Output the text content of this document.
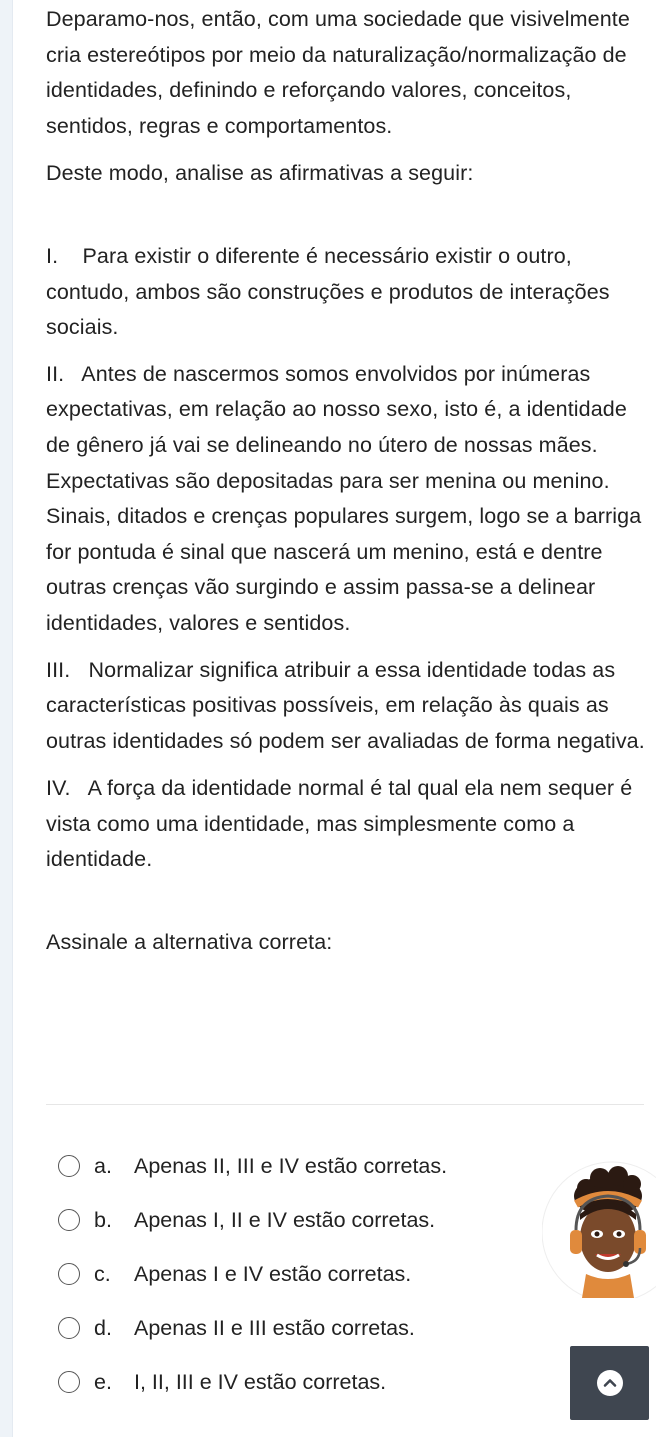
Deparamo-nos, então, com uma sociedade que visivelmente cria estereótipos por meio da naturalização/normalização de identidades, definindo e reforçando valores, conceitos, sentidos, regras e comportamentos.

Deste modo, analise as afirmativas a seguir:

I. Para existir o diferente é necessário existir o outro, contudo, ambos são construções e produtos de interações sociais.

II. Antes de nascermos somos envolvidos por inúmeras expectativas, em relação ao nosso sexo, isto é, a identidade de gênero já vai se delineando no útero de nossas mães. Expectativas são depositadas para ser menina ou menino. Sinais, ditados e crenças populares surgem, logo se a barriga for pontuda é sinal que nascerá um menino, está e dentre outras crenças vão surgindo e assim passa-se a delinear identidades, valores e sentidos.

III. Normalizar significa atribuir a essa identidade todas as características positivas possíveis, em relação às quais as outras identidades só podem ser avaliadas de forma negativa.

IV. A força da identidade normal é tal qual ela nem sequer é vista como uma identidade, mas simplesmente como a identidade.

Assinale a alternativa correta:

a.	Apenas II, III e IV estão corretas.
b.	Apenas I, II e IV estão corretas.
c.	Apenas I e IV estão corretas.
d.	Apenas II e III estão corretas.
e.	I, II, III e IV estão corretas.
